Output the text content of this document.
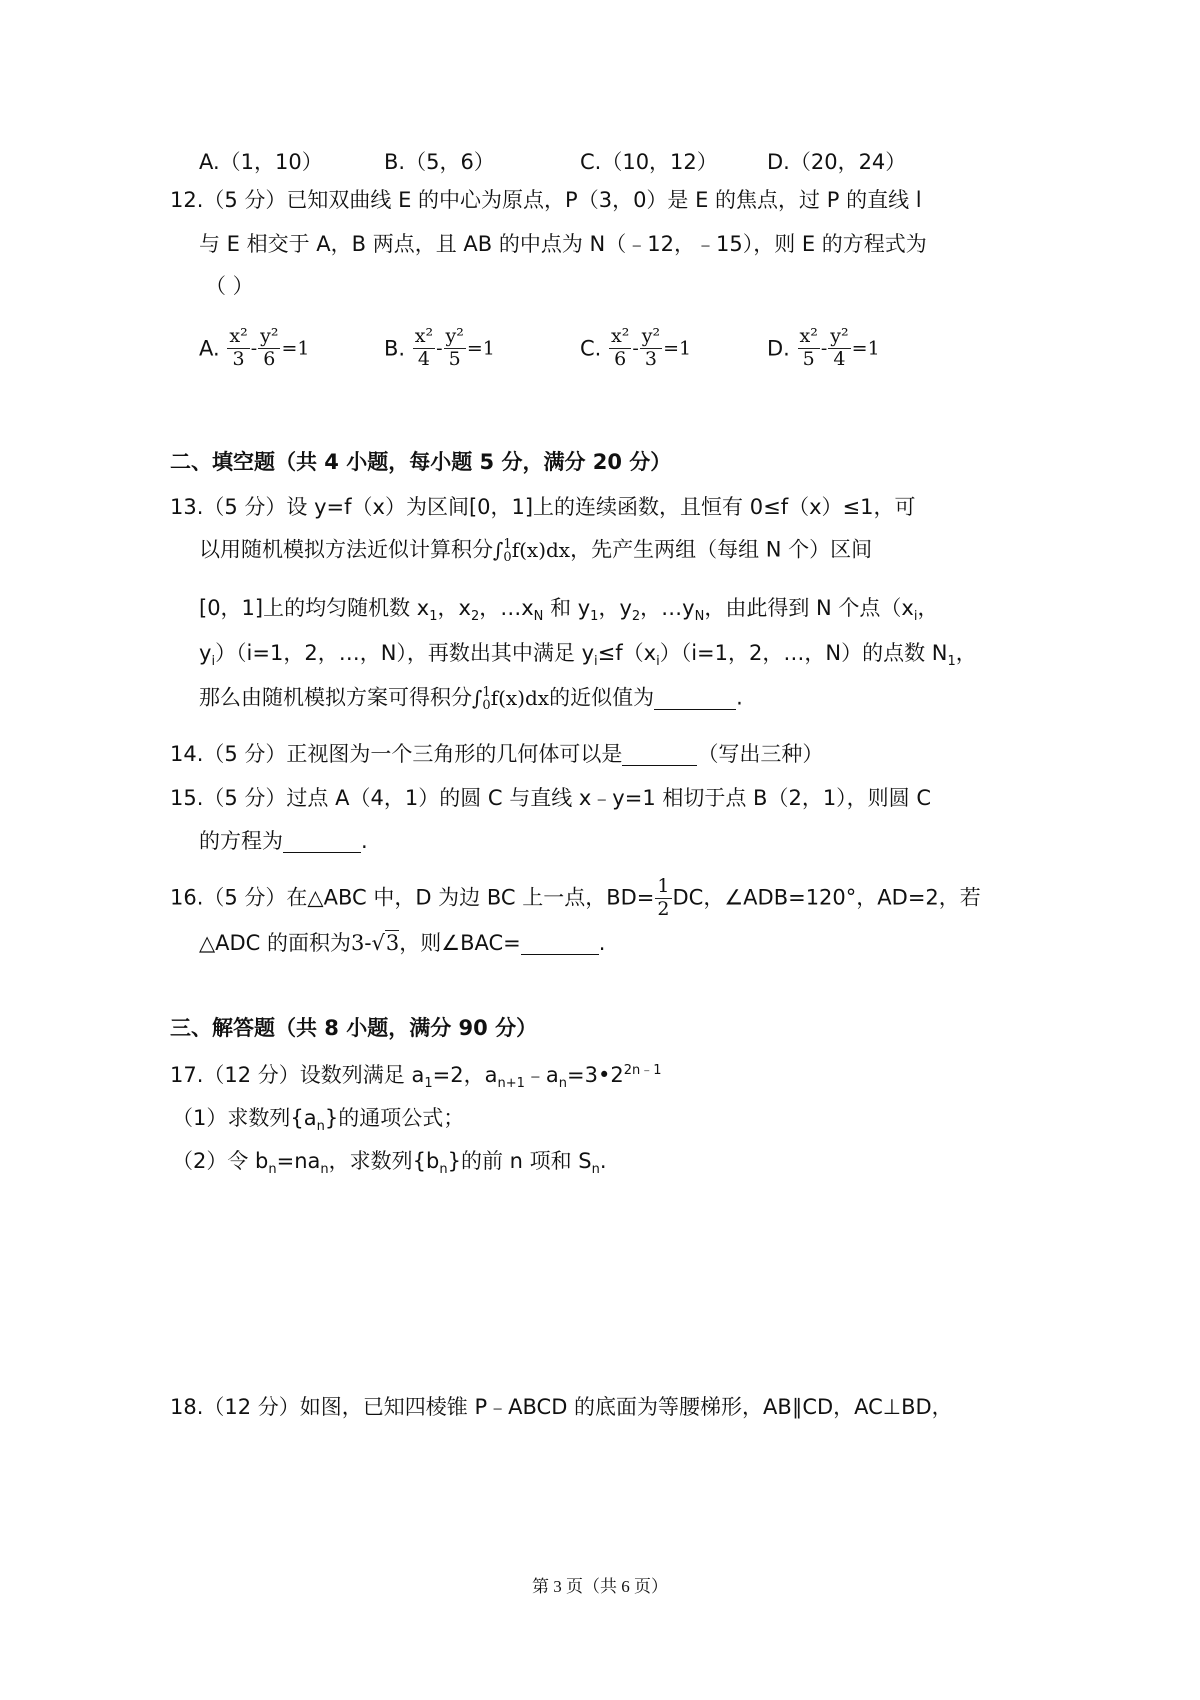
A.（1，10）	B.（5，6）	C.（10，12） D.（20，24）
12.（5 分）已知双曲线 E 的中心为原点，P（3，0）是 E 的焦点，过 P 的直线 l
与 E 相交于 A，B 两点，且 AB 的中点为 N（﹣12，﹣15），则 E 的方程式为
（ ）
A. $\frac{\text{x²}}{3} - \frac{\text{y²}}{6} =1$	B. $\frac{\text{x²}}{4} - \frac{\text{y²}}{5} =1$	C. $\frac{\text{x²}}{6} - \frac{\text{y²}}{3} =1$	D. $\frac{\text{x²}}{5} - \frac{\text{y²}}{4} =1$
二、填空题（共 4 小题，每小题 5 分，满分 20 分）
13.（5 分）设 y=f（x）为区间[0，1]上的连续函数，且恒有 0≤f（x）≤1，可
以用随机模拟方法近似计算积分∫1
0f(x)dx，先产生两组（每组 N 个）区间
[0，1]上的均匀随机数 $x_1$，$x_2$，$\dots x_N$ 和 $y_1$，$y_2$，$\dots y_N$，由此得到 N 个点（$x_i$，
$y_i)(i=1$，2，…，N），再数出其中满足 $y_i\le f(x_i)(i=1$，2，…，N）的点数 $N_1$，
那么由随机模拟方案可得积分∫1
0f(x)dx的近似值为	.
14.（5 分）正视图为一个三角形的几何体可以是	（写出三种）
15.（5 分）过点 A（4，1）的圆 C 与直线 x﹣y=1 相切于点 B（2，1），则圆 C
的方程为	.
16.（5 分）在△ABC 中，D 为边 BC 上一点，$BD= \frac{1}{2}$ DC，∠ADB=120°，AD=2，若
△ADC 的面积为3-√3，则∠BAC=	.
三、解答题（共 8 小题，满分 90 分）
17.（12 分）设数列满足 $a_1=2$，$a_{n+1}﹣a_n=3•2^{2n﹣1}$
（1）求数列$\{a_n\}$的通项公式；
（2）令 $b_n=na_n$，求数列$\{b_n\}$的前 n 项和 $S_n$.
18.（12 分）如图，已知四棱锥 P﹣ABCD 的底面为等腰梯形，AB∥CD，AC⊥BD，
第 3 页（共 6 页）
